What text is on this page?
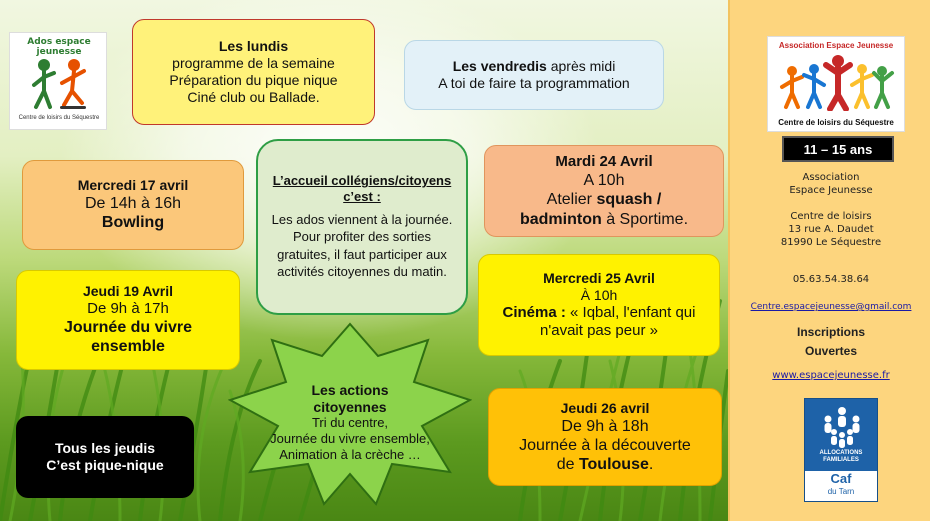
Ados espace jeunesse
Centre de loisirs du Séquestre
Les lundis
programme de la semaine
Préparation du pique nique
Ciné club ou Ballade.
Les vendredis après midi
A toi de faire ta programmation
Mercredi 17 avril
De 14h à 16h
Bowling
L’accueil collégiens/citoyens c’est :
Les ados viennent à la journée. Pour profiter des sorties gratuites, il faut participer aux activités citoyennes du matin.
Mardi 24 Avril
A 10h
Atelier squash /
badminton à Sportime.
Jeudi 19 Avril
De 9h à 17h
Journée du vivre ensemble
Mercredi 25 Avril
À 10h
Cinéma : « Iqbal, l'enfant qui n'avait pas peur »
Les actions citoyennes
Tri du centre,
Journée du vivre ensemble, Animation à la crèche …
Tous les jeudis
C’est pique-nique
Jeudi 26 avril
De 9h à 18h
Journée à la découverte
de Toulouse.
Association Espace Jeunesse
Centre de loisirs du Séquestre
11 – 15 ans
Association
Espace Jeunesse
Centre de loisirs
13 rue A. Daudet
81990 Le Séquestre
05.63.54.38.64
Centre.espacejeunesse@gmail.com
Inscriptions
Ouvertes
www.espacejeunesse.fr
ALLOCATIONS FAMILIALES
Caf
du Tarn
